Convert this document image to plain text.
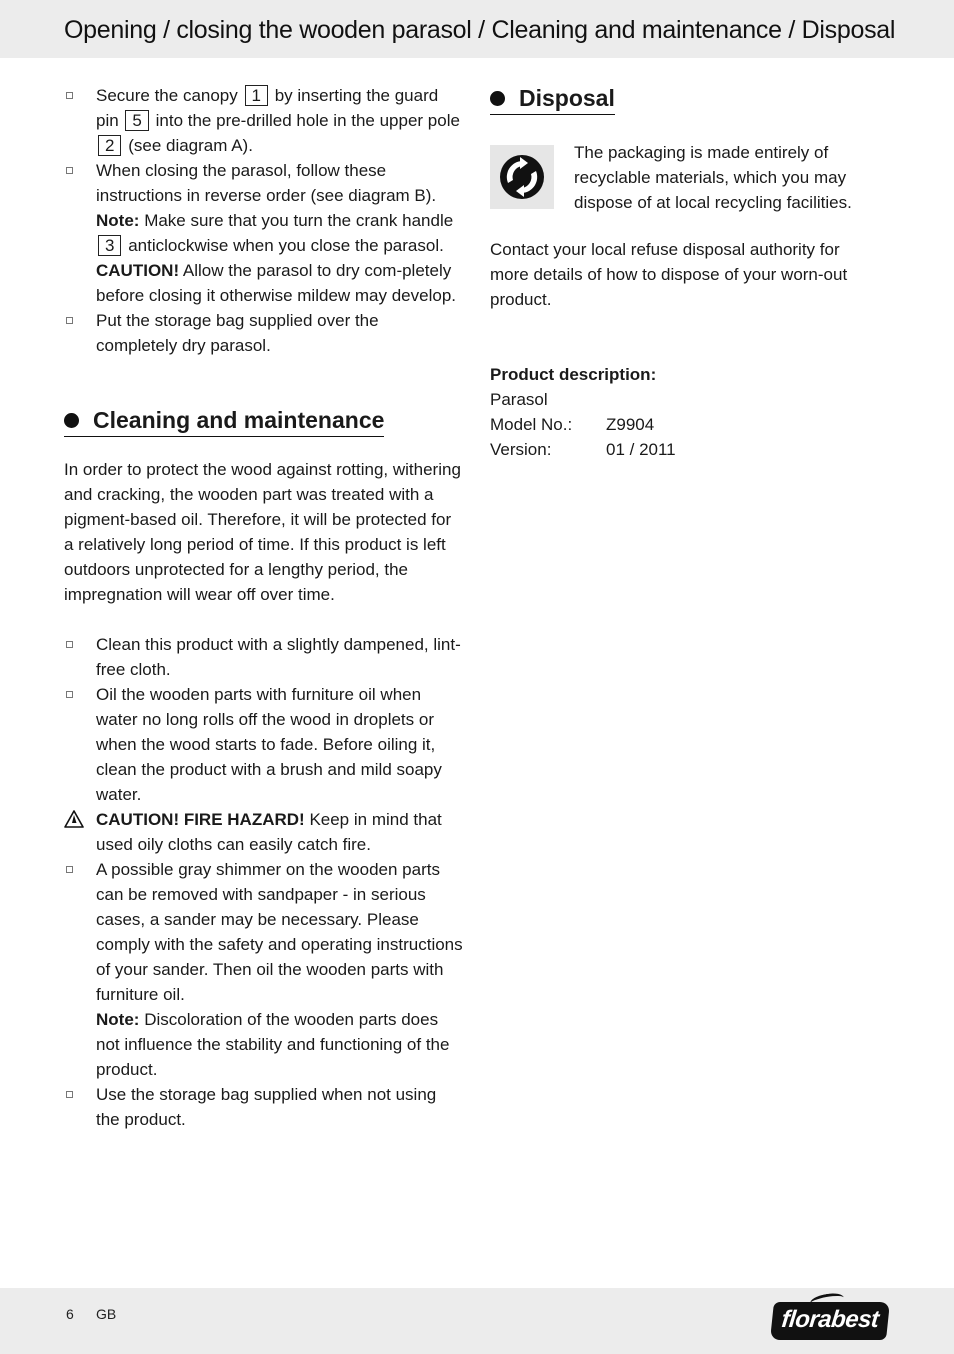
Opening / closing the wooden parasol / Cleaning and maintenance / Disposal
Secure the canopy 1 by inserting the guard pin 5 into the pre-drilled hole in the upper pole 2 (see diagram A).
When closing the parasol, follow these instructions in reverse order (see diagram B).
Note: Make sure that you turn the crank handle 3 anticlockwise when you close the parasol.
CAUTION! Allow the parasol to dry com-pletely before closing it otherwise mildew may develop.
Put the storage bag supplied over the completely dry parasol.
Cleaning and maintenance

In order to protect the wood against rotting, withering and cracking, the wooden part was treated with a pigment-based oil. Therefore, it will be protected for a relatively long period of time. If this product is left outdoors unprotected for a lengthy period, the impregnation will wear off over time.

Clean this product with a slightly dampened, lint-free cloth.
Oil the wooden parts with furniture oil when water no long rolls off the wood in droplets or when the wood starts to fade. Before oiling it, clean the product with a brush and mild soapy water.
CAUTION! FIRE HAZARD! Keep in mind that used oily cloths can easily catch fire.
A possible gray shimmer on the wooden parts can be removed with sandpaper - in serious cases, a sander may be necessary. Please comply with the safety and operating instructions of your sander. Then oil the wooden parts with furniture oil.
Note: Discoloration of the wooden parts does not influence the stability and functioning of the product.
Use the storage bag supplied when not using the product.
Disposal

The packaging is made entirely of recyclable materials, which you may dispose of at local recycling facilities.

Contact your local refuse disposal authority for more details of how to dispose of your worn-out product.

Product description:
Parasol
Model No.:	Z9904
Version:	01 / 2011
6 GB	florabest
